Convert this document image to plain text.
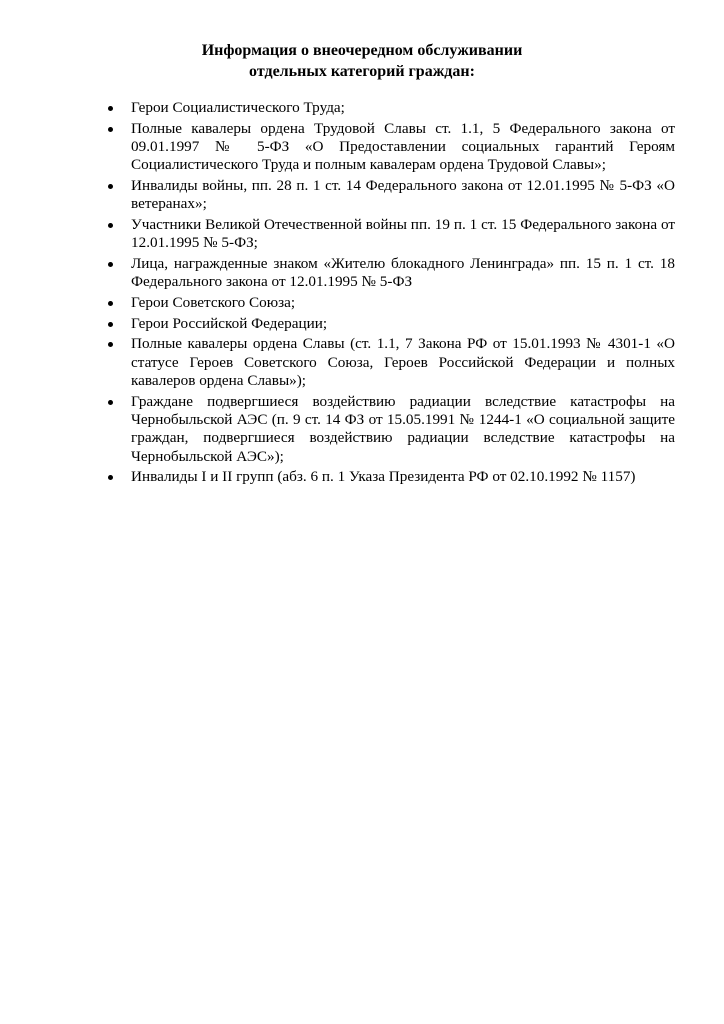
Информация о внеочередном обслуживании
отдельных категорий граждан:
Герои Социалистического Труда;
Полные кавалеры ордена Трудовой Славы ст. 1.1, 5 Федерального закона от 09.01.1997 № 5-ФЗ «О Предоставлении социальных гарантий Героям Социалистического Труда и полным кавалерам ордена Трудовой Славы»;
Инвалиды войны, пп. 28 п. 1 ст. 14 Федерального закона от 12.01.1995 № 5-ФЗ «О ветеранах»;
Участники Великой Отечественной войны пп. 19 п. 1 ст. 15 Федерального закона от 12.01.1995 № 5-ФЗ;
Лица, награжденные знаком «Жителю блокадного Ленинграда» пп. 15 п. 1 ст. 18 Федерального закона от 12.01.1995 № 5-ФЗ
Герои Советского Союза;
Герои Российской Федерации;
Полные кавалеры ордена Славы (ст. 1.1, 7 Закона РФ от 15.01.1993 № 4301-1 «О статусе Героев Советского Союза, Героев Российской Федерации и полных кавалеров ордена Славы»);
Граждане подвергшиеся воздействию радиации вследствие катастрофы на Чернобыльской АЭС (п. 9 ст. 14 ФЗ от 15.05.1991 № 1244-1 «О социальной защите граждан, подвергшиеся воздействию радиации вследствие катастрофы на Чернобыльской АЭС»);
Инвалиды I и II групп (абз. 6 п. 1 Указа Президента РФ от 02.10.1992 № 1157)
